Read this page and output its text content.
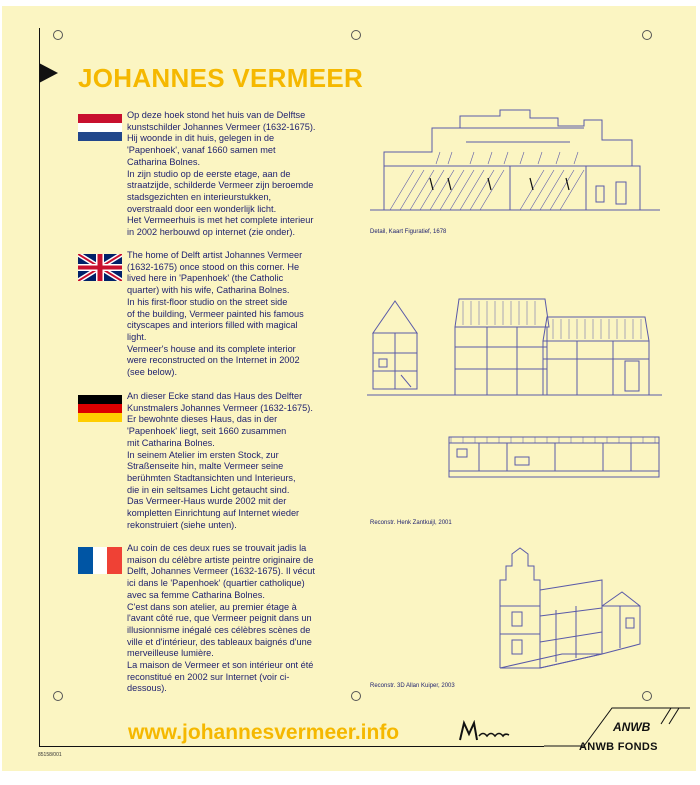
JOHANNES VERMEER

Op deze hoek stond het huis van de Delftse
kunstschilder Johannes Vermeer (1632-1675).
Hij woonde in dit huis, gelegen in de
'Papenhoek', vanaf 1660 samen met
Catharina Bolnes.
In zijn studio op de eerste etage, aan de
straatzijde, schilderde Vermeer zijn beroemde
stadsgezichten en interieurstukken,
overstraald door een wonderlijk licht.
Het Vermeerhuis is met het complete interieur
in 2002 herbouwd op internet (zie onder).

The home of Delft artist Johannes Vermeer
(1632-1675) once stood on this corner. He
lived here in 'Papenhoek' (the Catholic
quarter) with his wife, Catharina Bolnes.
In his first-floor studio on the street side
of the building, Vermeer painted his famous
cityscapes and interiors filled with magical
light.
Vermeer's house and its complete interior
were reconstructed on the Internet in 2002
(see below).

An dieser Ecke stand das Haus des Delfter
Kunstmalers Johannes Vermeer (1632-1675).
Er bewohnte dieses Haus, das in der
'Papenhoek' liegt, seit 1660 zusammen
mit Catharina Bolnes.
In seinem Atelier im ersten Stock, zur
Straßenseite hin, malte Vermeer seine
berühmten Stadtansichten und Interieurs,
die in ein seltsames Licht getaucht sind.
Das Vermeer-Haus wurde 2002 mit der
kompletten Einrichtung auf Internet wieder
rekonstruiert (siehe unten).

Au coin de ces deux rues se trouvait jadis la
maison du célèbre artiste peintre originaire de
Delft, Johannes Vermeer (1632-1675). Il vécut
ici dans le 'Papenhoek' (quartier catholique)
avec sa femme Catharina Bolnes.
C'est dans son atelier, au premier étage à
l'avant côté rue, que Vermeer peignit dans un
illusionnisme inégalé ces célèbres scènes de
ville et d'intérieur, des tableaux baignés d'une
merveilleuse lumière.
La maison de Vermeer et son intérieur ont été
reconstitué en 2002 sur Internet (voir ci-
dessous).

Detail, Kaart Figuratief, 1678
Reconstr. Henk Zantkuijl, 2001
Reconstr. 3D Allan Kuiper, 2003

www.johannesvermeer.info	ANWB
ANWB FONDS
85158/001
